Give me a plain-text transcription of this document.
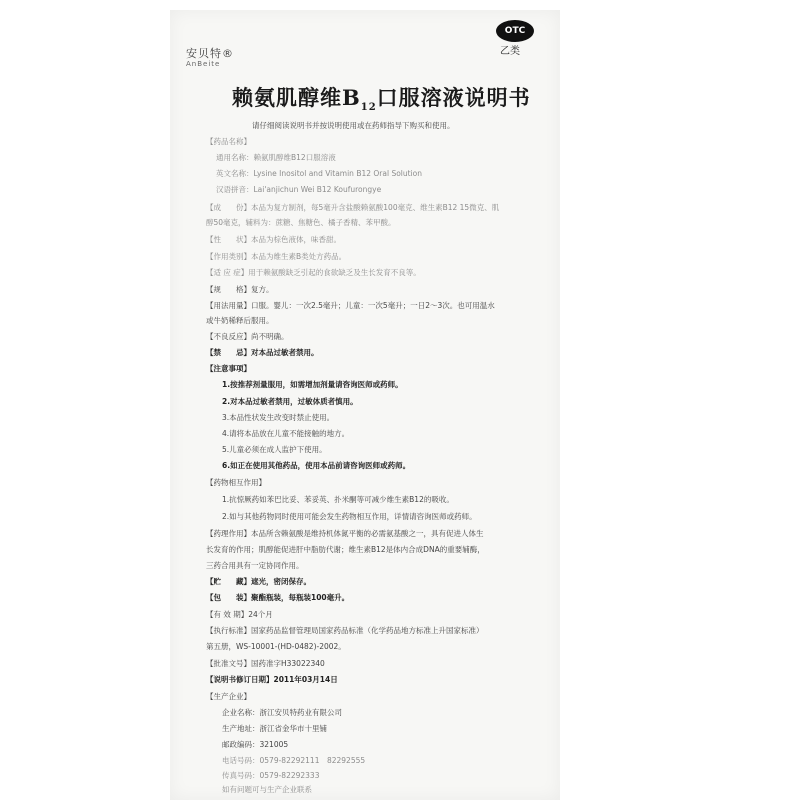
安贝特®
AnBeite
OTC
乙类
赖氨肌醇维$B_{12}$口服溶液说明书
请仔细阅读说明书并按说明使用或在药师指导下购买和使用。
【药品名称】
通用名称：赖氨肌醇维B12口服溶液
英文名称：Lysine Inositol and Vitamin B12 Oral Solution
汉语拼音：Lai'anjichun Wei B12 Koufurongye
【成　　份】本品为复方制剂，每5毫升含盐酸赖氨酸100毫克、维生素B12 15微克、肌
醇50毫克，辅料为：蔗糖、焦糖色、橘子香精、苯甲酸。
【性　　状】本品为棕色液体，味香甜。
【作用类别】本品为维生素B类处方药品。
【适 应 症】用于赖氨酸缺乏引起的食欲缺乏及生长发育不良等。
【规　　格】复方。
【用法用量】口服。婴儿：一次2.5毫升；儿童：一次5毫升；一日2～3次。也可用温水
或牛奶稀释后服用。
【不良反应】尚不明确。
【禁　　忌】对本品过敏者禁用。
【注意事项】
1.按推荐剂量服用，如需增加剂量请咨询医师或药师。
2.对本品过敏者禁用，过敏体质者慎用。
3.本品性状发生改变时禁止使用。
4.请将本品放在儿童不能接触的地方。
5.儿童必须在成人监护下使用。
6.如正在使用其他药品，使用本品前请咨询医师或药师。
【药物相互作用】
1.抗惊厥药如苯巴比妥、苯妥英、扑米酮等可减少维生素B12的吸收。
2.如与其他药物同时使用可能会发生药物相互作用，详情请咨询医师或药师。
【药理作用】本品所含赖氨酸是维持机体氮平衡的必需氨基酸之一，具有促进人体生
长发育的作用；肌醇能促进肝中脂肪代谢；维生素B12是体内合成DNA的重要辅酶，
三药合用具有一定协同作用。
【贮　　藏】遮光，密闭保存。
【包　　装】聚酯瓶装，每瓶装100毫升。
【有 效 期】24个月
【执行标准】国家药品监督管理局国家药品标准（化学药品地方标准上升国家标准）
第五册，WS-10001-(HD-0482)-2002。
【批准文号】国药准字H33022340
【说明书修订日期】2011年03月14日
【生产企业】
企业名称：浙江安贝特药业有限公司
生产地址：浙江省金华市十里铺
邮政编码：321005
电话号码：0579-82292111　82292555
传真号码：0579-82292333
如有问题可与生产企业联系
